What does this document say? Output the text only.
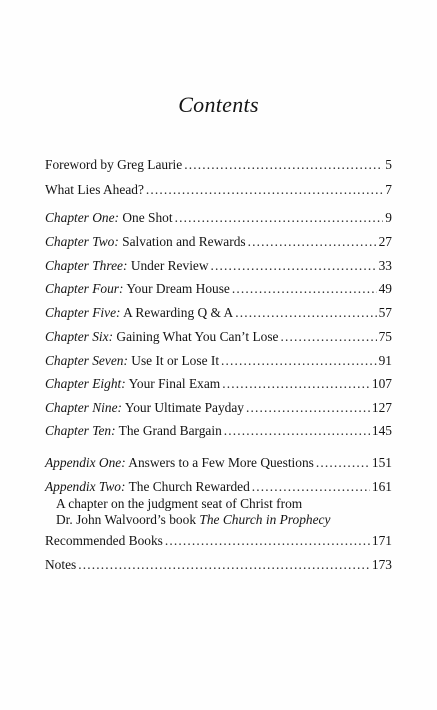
Contents
Foreword by Greg Laurie . . .	5
What Lies Ahead? . . .	7
Chapter One: One Shot . . .	9
Chapter Two: Salvation and Rewards . . .	27
Chapter Three: Under Review . . .	33
Chapter Four: Your Dream House . . .	49
Chapter Five: A Rewarding Q & A . . .	57
Chapter Six: Gaining What You Can’t Lose . . .	75
Chapter Seven: Use It or Lose It . . .	91
Chapter Eight: Your Final Exam . . .	107
Chapter Nine: Your Ultimate Payday . . .	127
Chapter Ten: The Grand Bargain . . .	145
Appendix One: Answers to a Few More Questions . . .	151
Appendix Two: The Church Rewarded . . .	161
A chapter on the judgment seat of Christ from
Dr. John Walvoord’s book The Church in Prophecy
Recommended Books . . .	171
Notes . . .	173
